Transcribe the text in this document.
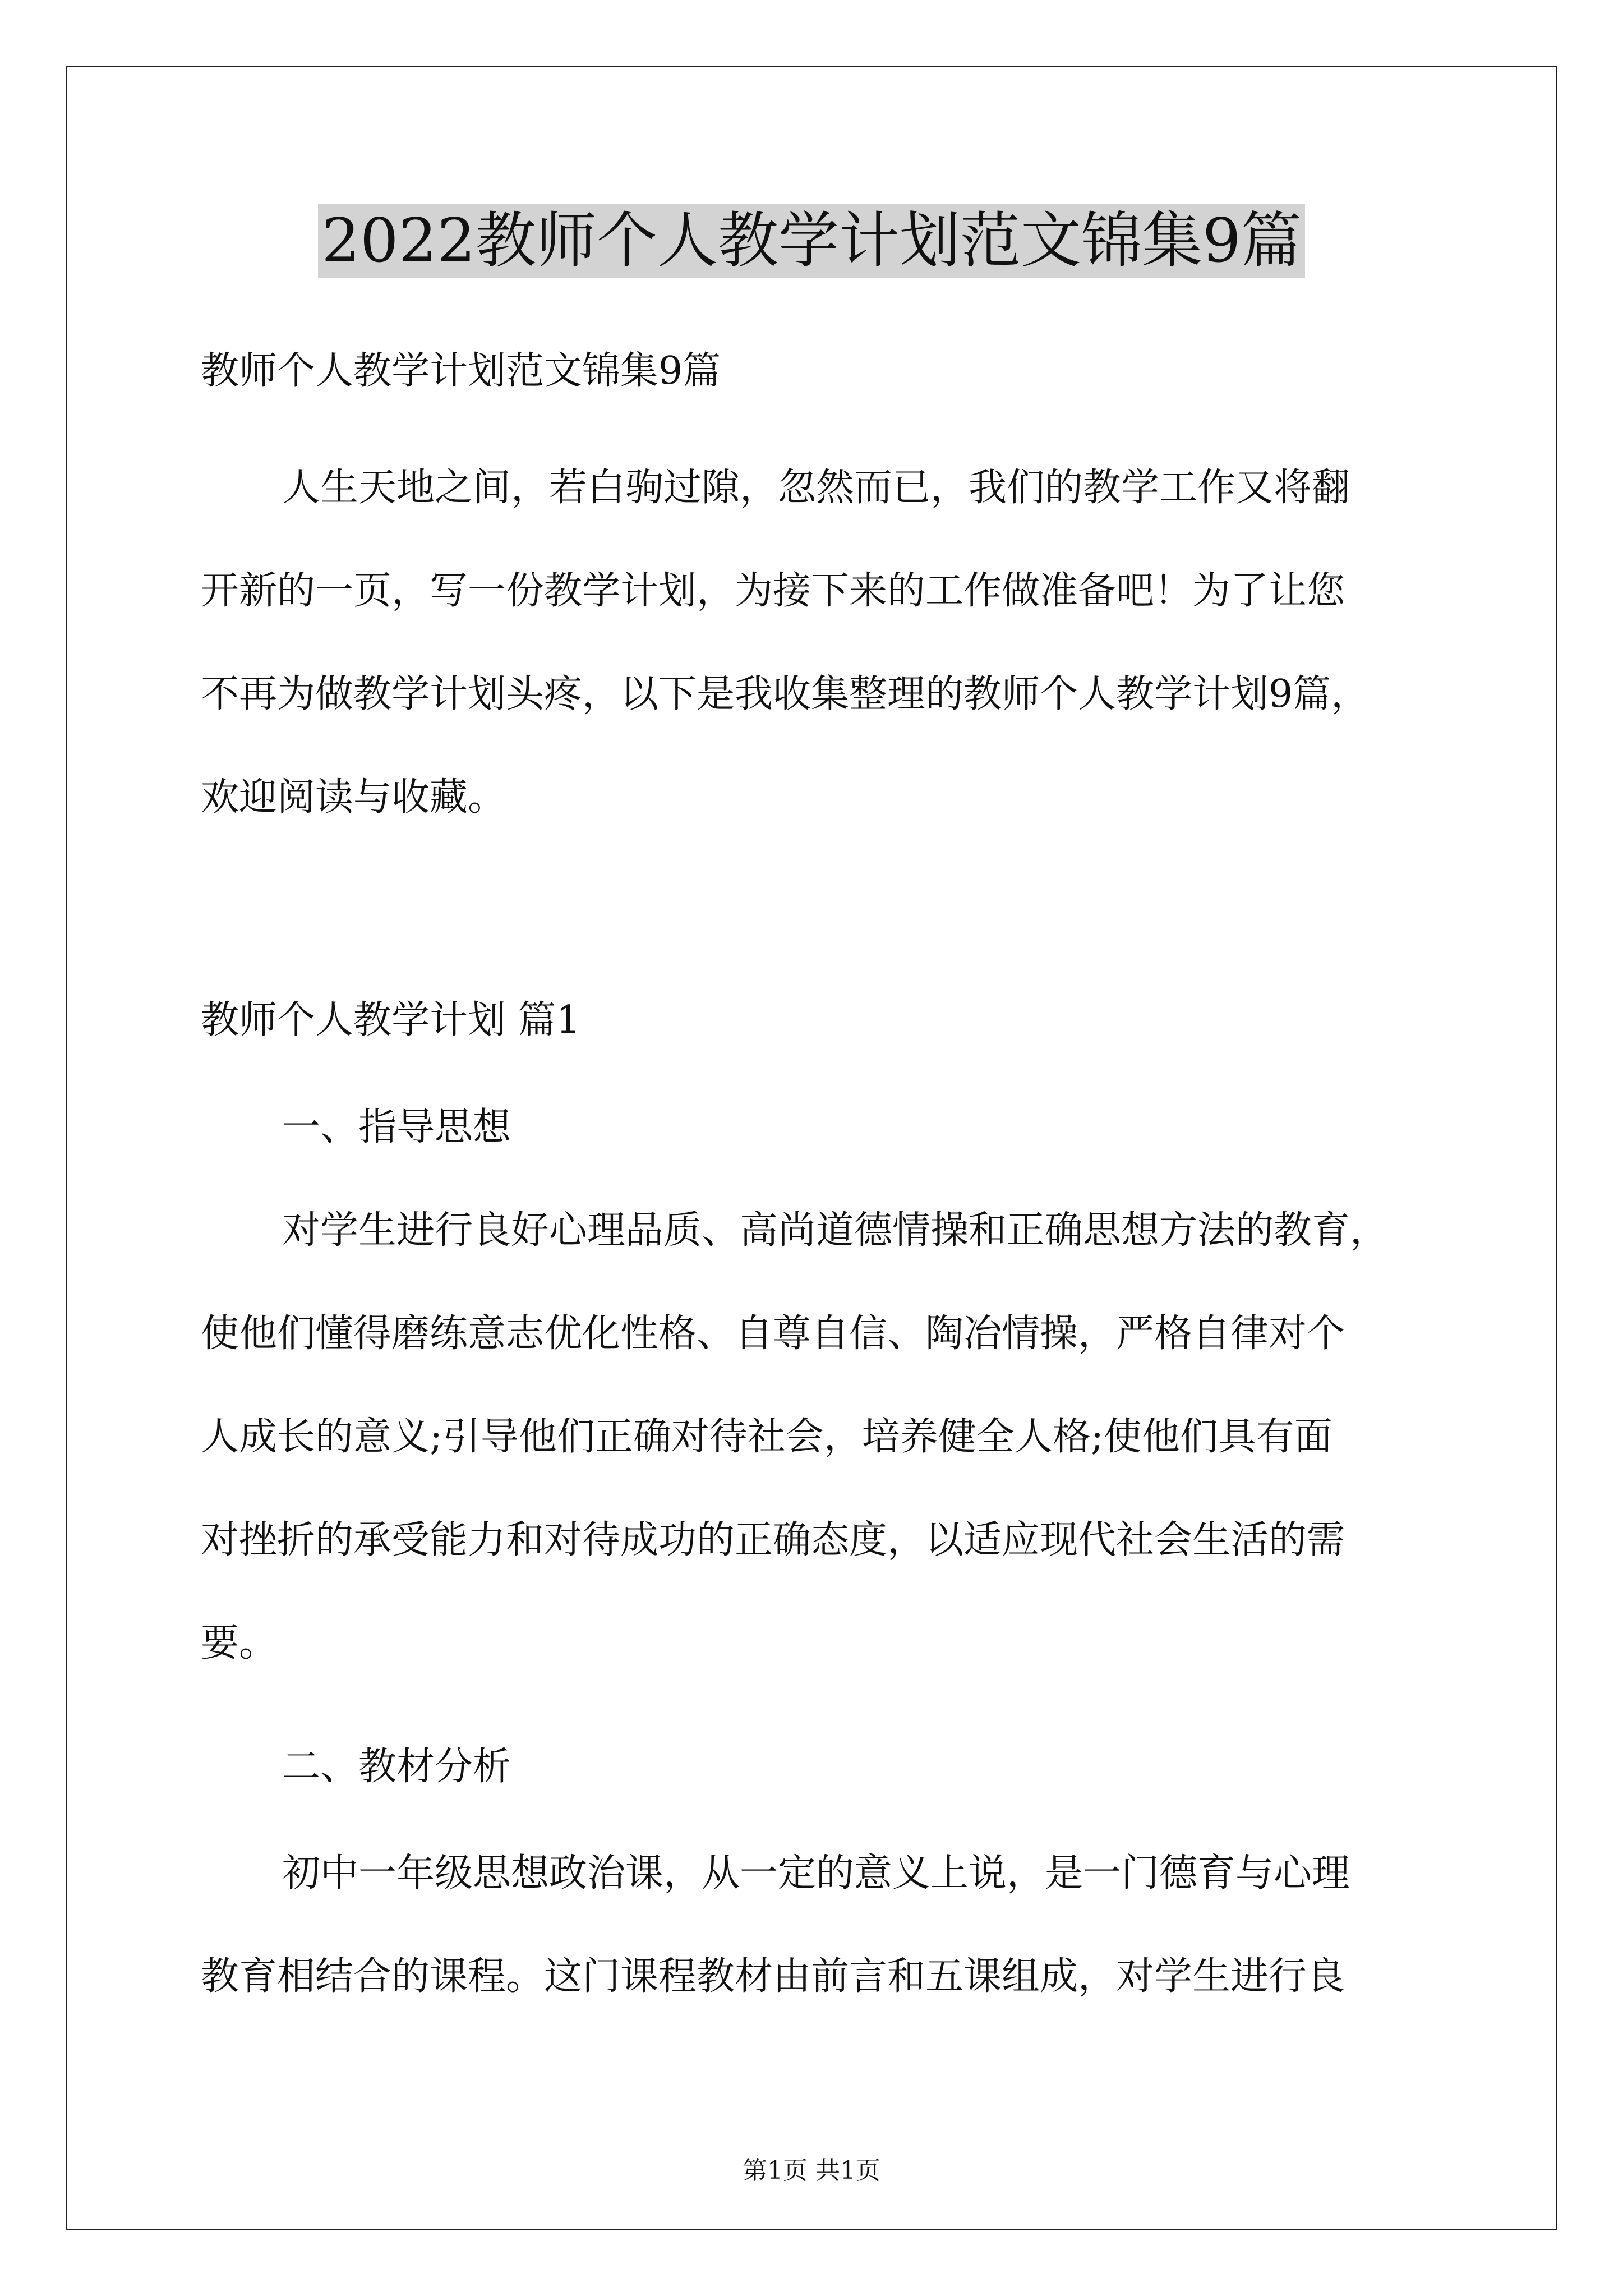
2022教师个人教学计划范文锦集9篇
教师个人教学计划范文锦集9篇
人生天地之间，若白驹过隙，忽然而已，我们的教学工作又将翻
开新的一页，写一份教学计划，为接下来的工作做准备吧！为了让您
不再为做教学计划头疼，以下是我收集整理的教师个人教学计划9篇，
欢迎阅读与收藏。
教师个人教学计划 篇1
一、指导思想
对学生进行良好心理品质、高尚道德情操和正确思想方法的教育，
使他们懂得磨练意志优化性格、自尊自信、陶冶情操，严格自律对个
人成长的意义;引导他们正确对待社会，培养健全人格;使他们具有面
对挫折的承受能力和对待成功的正确态度，以适应现代社会生活的需
要。
二、教材分析
初中一年级思想政治课，从一定的意义上说，是一门德育与心理
教育相结合的课程。这门课程教材由前言和五课组成，对学生进行良
第1页 共1页
